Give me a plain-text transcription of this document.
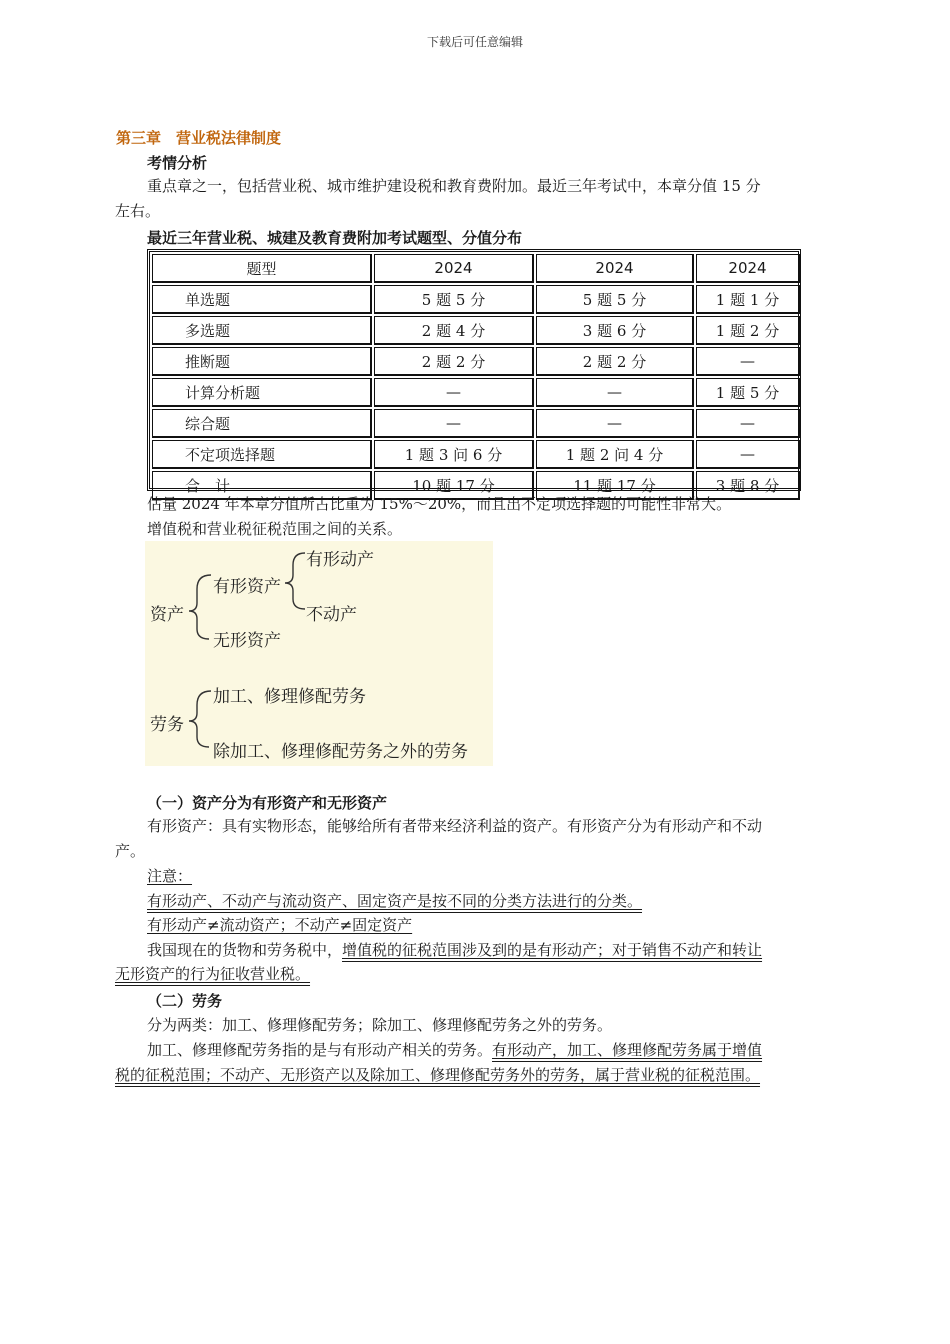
下载后可任意编辑
第三章　营业税法律制度
考情分析
重点章之一，包括营业税、城市维护建设税和教育费附加。最近三年考试中，本章分值 15 分
左右。
最近三年营业税、城建及教育费附加考试题型、分值分布
题型	2024	2024	2024
单选题	5 题 5 分	5 题 5 分	1 题 1 分
多选题	2 题 4 分	3 题 6 分	1 题 2 分
推断题	2 题 2 分	2 题 2 分	—
计算分析题	—	—	1 题 5 分
综合题	—	—	—
不定项选择题	1 题 3 问 6 分	1 题 2 问 4 分	—
合　计	10 题 17 分	11 题 17 分	3 题 8 分
估量 2024 年本章分值所占比重为 15%～20%，而且出不定项选择题的可能性非常大。
增值税和营业税征税范围之间的关系。
资产
有形资产
有形动产
不动产
无形资产
劳务
加工、修理修配劳务
除加工、修理修配劳务之外的劳务
（一）资产分为有形资产和无形资产
有形资产：具有实物形态，能够给所有者带来经济利益的资产。有形资产分为有形动产和不动
产。
注意：
有形动产、不动产与流动资产、固定资产是按不同的分类方法进行的分类。
有形动产≠流动资产；不动产≠固定资产
我国现在的货物和劳务税中，增值税的征税范围涉及到的是有形动产；对于销售不动产和转让
无形资产的行为征收营业税。
（二）劳务
分为两类：加工、修理修配劳务；除加工、修理修配劳务之外的劳务。
加工、修理修配劳务指的是与有形动产相关的劳务。有形动产，加工、修理修配劳务属于增值
税的征税范围；不动产、无形资产以及除加工、修理修配劳务外的劳务，属于营业税的征税范围。
